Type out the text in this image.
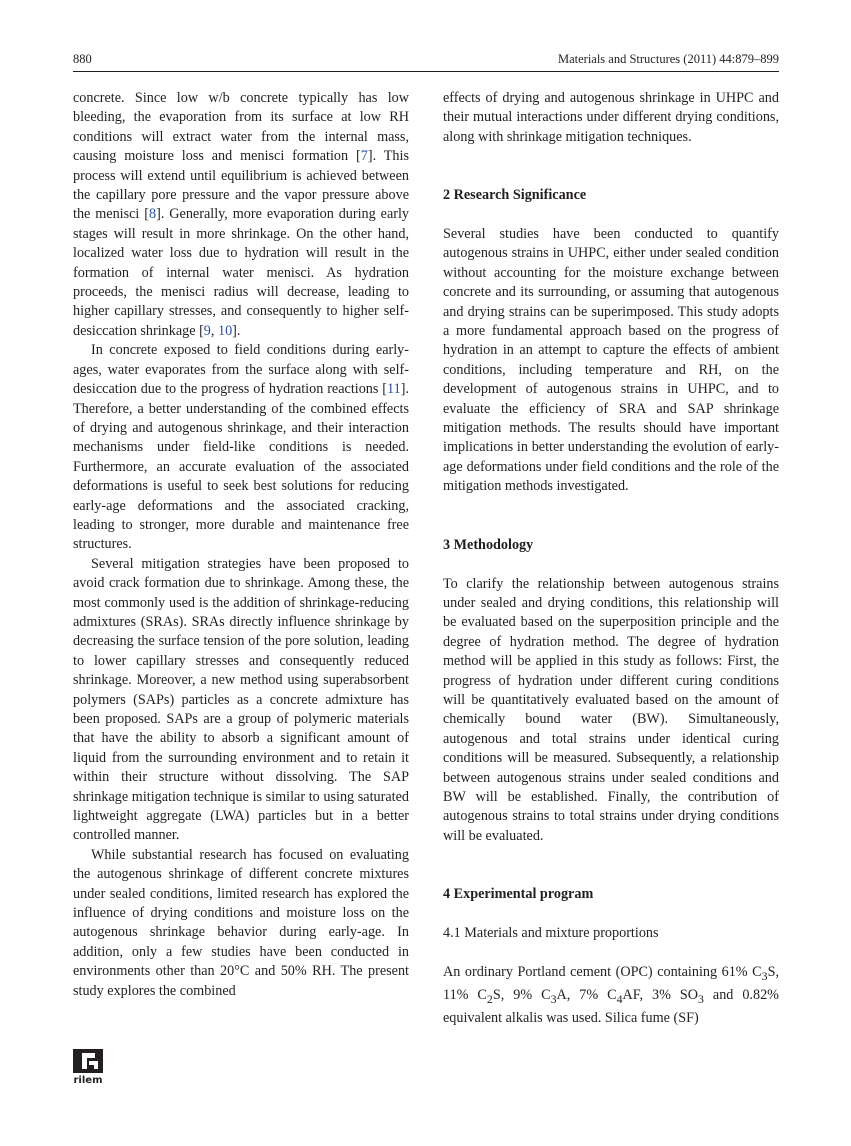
880	Materials and Structures (2011) 44:879–899

concrete. Since low w/b concrete typically has low bleeding, the evaporation from its surface at low RH conditions will extract water from the internal mass, causing moisture loss and menisci formation [7]. This process will extend until equilibrium is achieved between the capillary pore pressure and the vapor pressure above the menisci [8]. Generally, more evaporation during early stages will result in more shrinkage. On the other hand, localized water loss due to hydration will result in the formation of internal water menisci. As hydration proceeds, the menisci radius will decrease, leading to higher capillary stresses, and consequently to higher self-desiccation shrinkage [9, 10].

In concrete exposed to field conditions during early-ages, water evaporates from the surface along with self-desiccation due to the progress of hydration reactions [11]. Therefore, a better understanding of the combined effects of drying and autogenous shrinkage, and their interaction mechanisms under field-like conditions is needed. Furthermore, an accurate evaluation of the associated deformations is useful to seek best solutions for reducing early-age deformations and the associated cracking, leading to stronger, more durable and maintenance free structures.

Several mitigation strategies have been proposed to avoid crack formation due to shrinkage. Among these, the most commonly used is the addition of shrinkage-reducing admixtures (SRAs). SRAs directly influence shrinkage by decreasing the surface tension of the pore solution, leading to lower capillary stresses and consequently reduced shrinkage. Moreover, a new method using superabsorbent polymers (SAPs) particles as a concrete admixture has been proposed. SAPs are a group of polymeric materials that have the ability to absorb a significant amount of liquid from the surrounding environment and to retain it within their structure without dissolving. The SAP shrinkage mitigation technique is similar to using saturated lightweight aggregate (LWA) particles but in a better controlled manner.

While substantial research has focused on evaluating the autogenous shrinkage of different concrete mixtures under sealed conditions, limited research has explored the influence of drying conditions and moisture loss on the autogenous shrinkage behavior during early-age. In addition, only a few studies have been conducted in environments other than 20°C and 50% RH. The present study explores the combined

effects of drying and autogenous shrinkage in UHPC and their mutual interactions under different drying conditions, along with shrinkage mitigation techniques.

2 Research Significance

Several studies have been conducted to quantify autogenous strains in UHPC, either under sealed condition without accounting for the moisture exchange between concrete and its surrounding, or assuming that autogenous and drying strains can be superimposed. This study adopts a more fundamental approach based on the progress of hydration in an attempt to capture the effects of ambient conditions, including temperature and RH, on the development of autogenous strains in UHPC, and to evaluate the efficiency of SRA and SAP shrinkage mitigation methods. The results should have important implications in better understanding the evolution of early-age deformations under field conditions and the role of the mitigation methods investigated.

3 Methodology

To clarify the relationship between autogenous strains under sealed and drying conditions, this relationship will be evaluated based on the superposition principle and the degree of hydration method. The degree of hydration method will be applied in this study as follows: First, the progress of hydration under different curing conditions will be quantitatively evaluated based on the amount of chemically bound water (BW). Simultaneously, autogenous and total strains under identical curing conditions will be measured. Subsequently, a relationship between autogenous strains under sealed conditions and BW will be established. Finally, the contribution of autogenous strains to total strains under drying conditions will be evaluated.

4 Experimental program
4.1 Materials and mixture proportions

An ordinary Portland cement (OPC) containing 61% $C_3S$, 11% $C_2S$, 9% $C_3A$, 7% $C_4AF$, 3% $SO_3$ and 0.82% equivalent alkalis was used. Silica fume (SF)

rilem
